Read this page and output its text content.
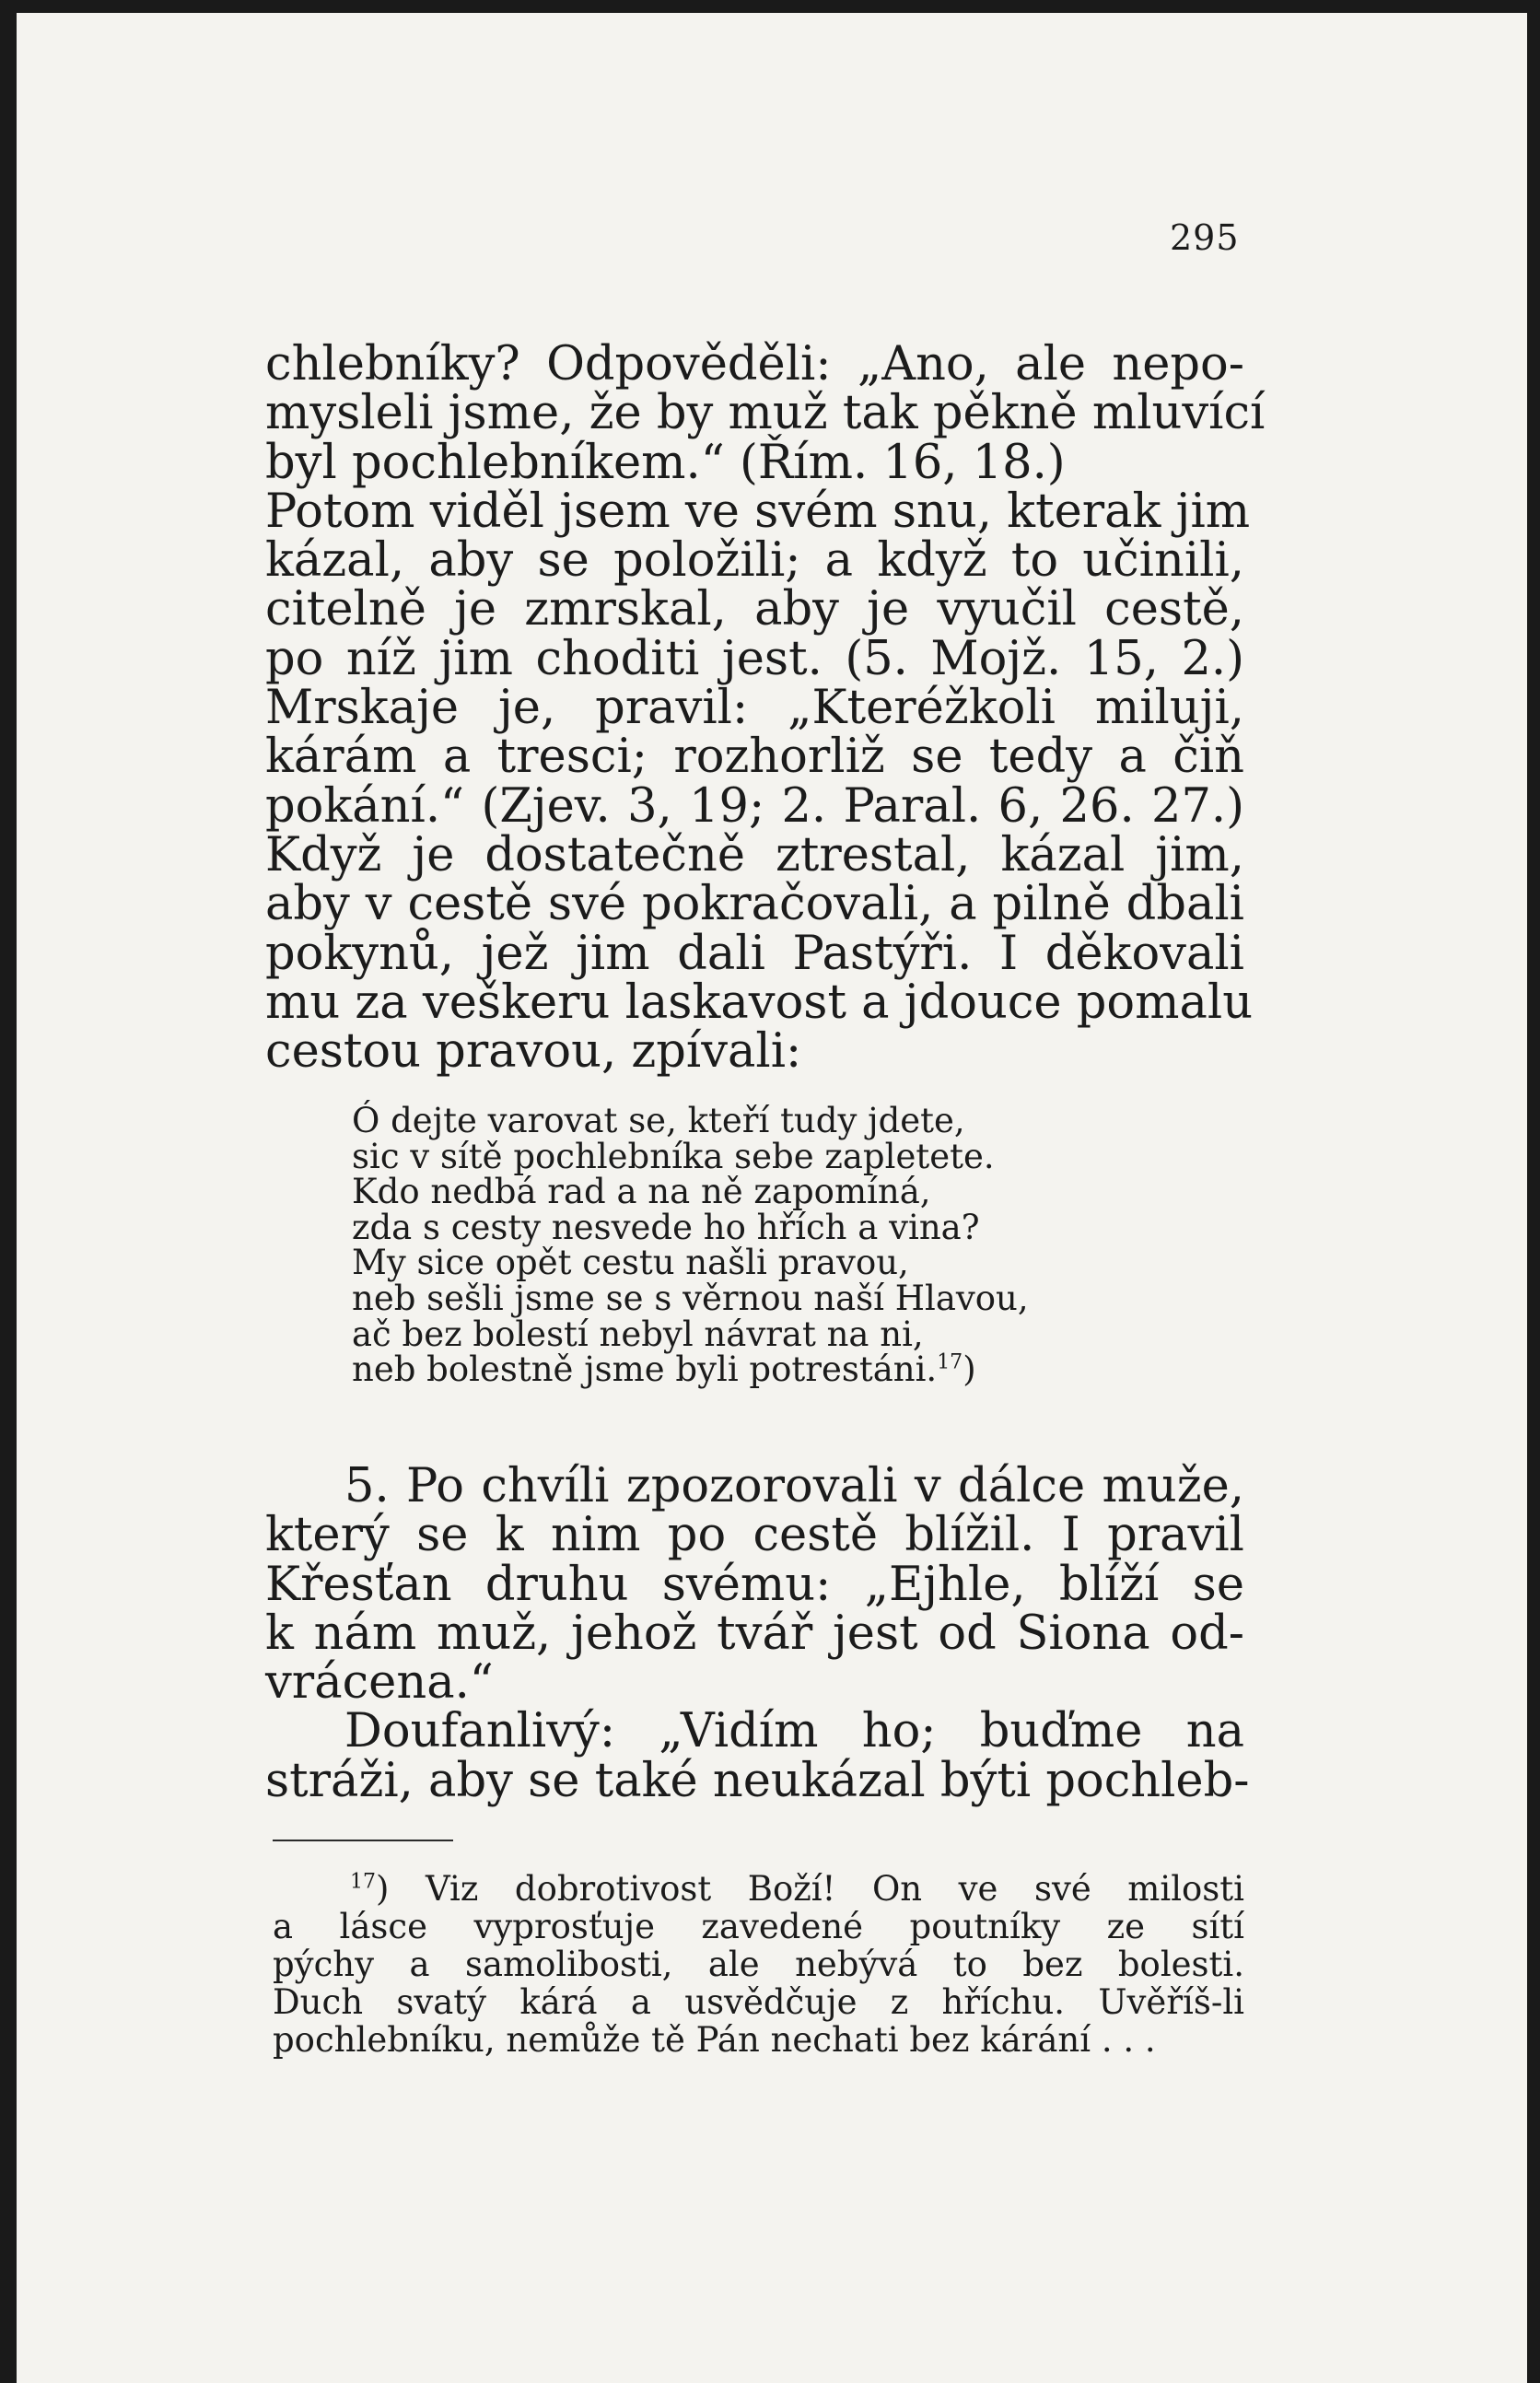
295
chlebníky? Odpověděli: „Ano, ale nepo-
mysleli jsme, že by muž tak pěkně mluvící
byl pochlebníkem.“ (Řím. 16, 18.)
Potom viděl jsem ve svém snu, kterak jim
kázal, aby se položili; a když to učinili,
citelně je zmrskal, aby je vyučil cestě,
po níž jim choditi jest. (5. Mojž. 15, 2.)
Mrskaje je, pravil: „Kteréžkoli miluji,
kárám a tresci; rozhorliž se tedy a čiň
pokání.“ (Zjev. 3, 19; 2. Paral. 6, 26. 27.)
Když je dostatečně ztrestal, kázal jim,
aby v cestě své pokračovali, a pilně dbali
pokynů, jež jim dali Pastýři. I děkovali
mu za veškeru laskavost a jdouce pomalu
cestou pravou, zpívali:
Ó dejte varovat se, kteří tudy jdete,
sic v sítě pochlebníka sebe zapletete.
Kdo nedbá rad a na ně zapomíná,
zda s cesty nesvede ho hřích a vina?
My sice opět cestu našli pravou,
neb sešli jsme se s věrnou naší Hlavou,
ač bez bolestí nebyl návrat na ni,
neb bolestně jsme byli potrestáni.$^{17}$)
5. Po chvíli zpozorovali v dálce muže,
který se k nim po cestě blížil. I pravil
Křesťan druhu svému: „Ejhle, blíží se
k nám muž, jehož tvář jest od Siona od-
vrácena.“
Doufanlivý: „Vidím ho; buďme na
stráži, aby se také neukázal býti pochleb-
$^{17}$) Viz dobrotivost Boží! On ve své milosti
a lásce vyprosťuje zavedené poutníky ze sítí
pýchy a samolibosti, ale nebývá to bez bolesti.
Duch svatý kárá a usvědčuje z hříchu. Uvěříš-li
pochlebníku, nemůže tě Pán nechati bez kárání . . .
